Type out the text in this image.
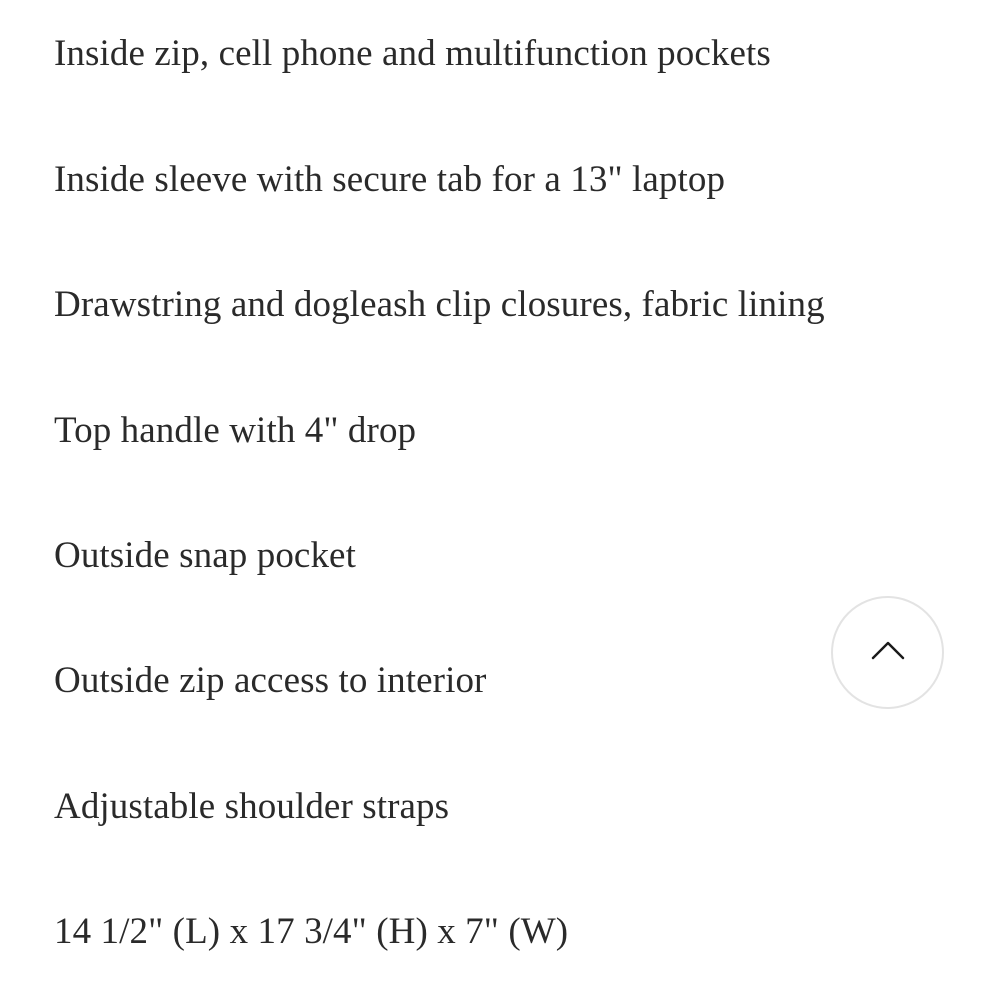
Inside zip, cell phone and multifunction pockets
Inside sleeve with secure tab for a 13" laptop
Drawstring and dogleash clip closures, fabric lining
Top handle with 4" drop
Outside snap pocket
Outside zip access to interior
Adjustable shoulder straps
14 1/2" (L) x 17 3/4" (H) x 7" (W)
